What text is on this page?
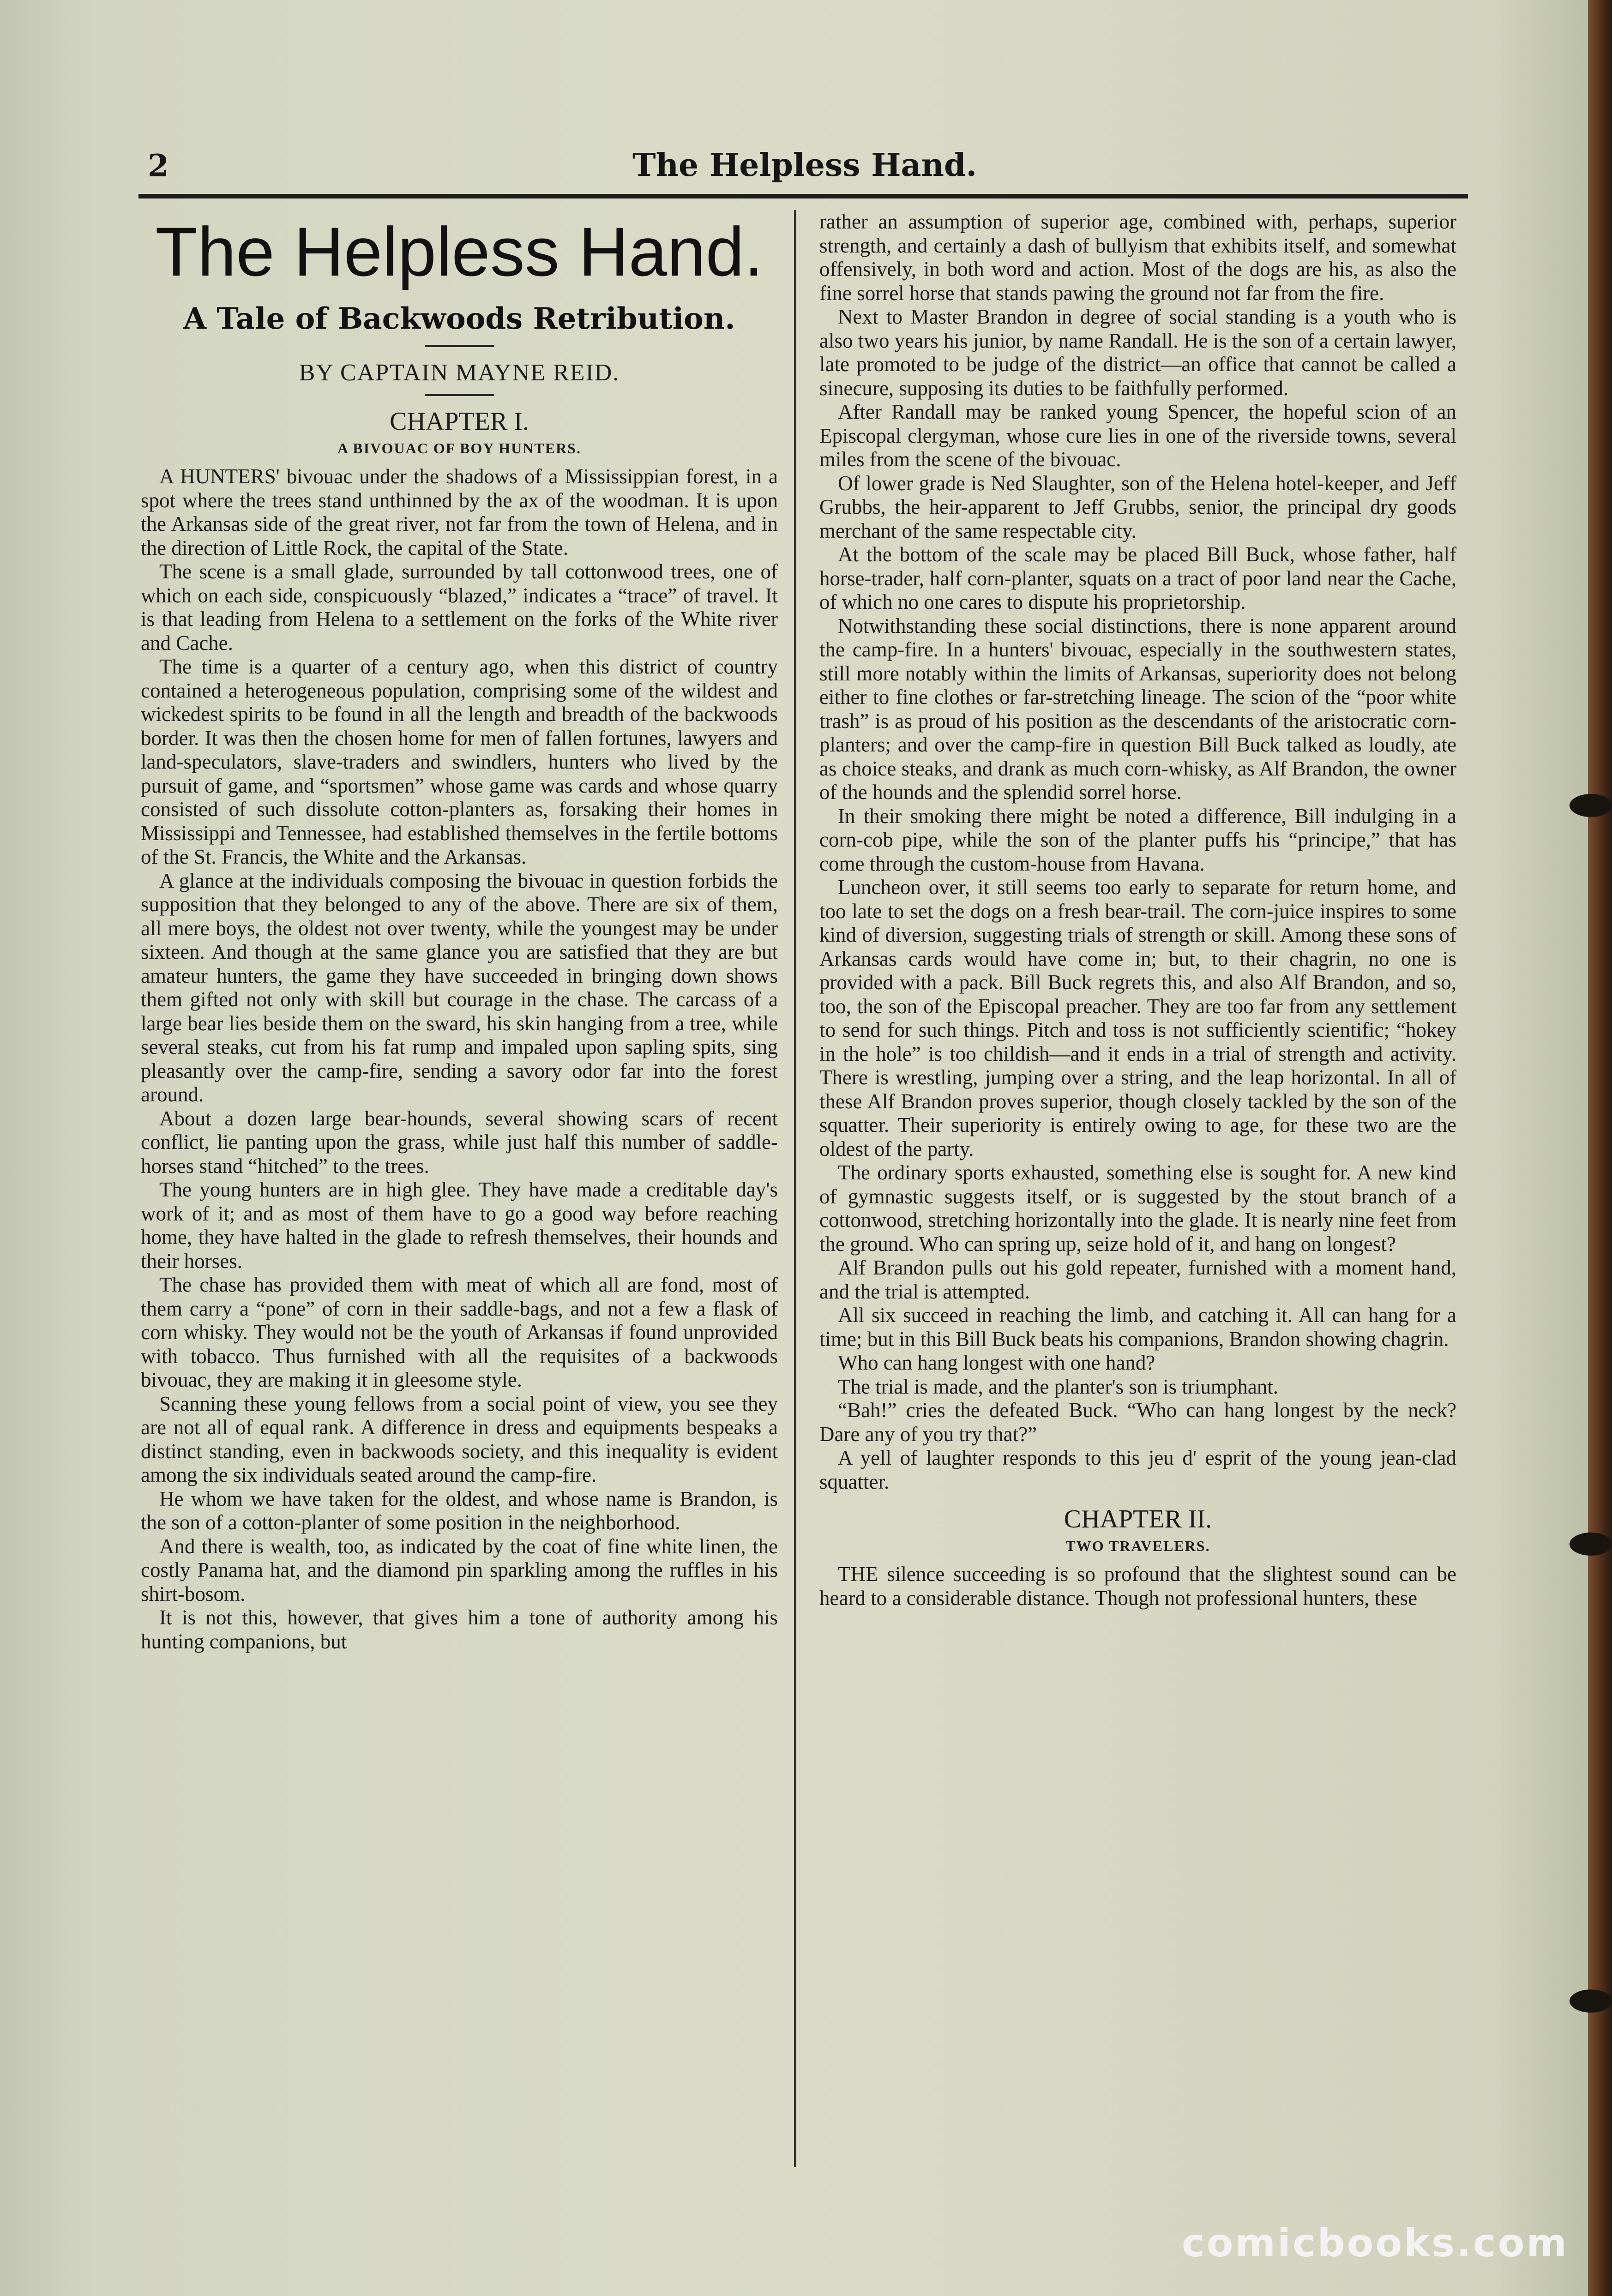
2	The Helpless Hand.
The Helpless Hand.
A Tale of Backwoods Retribution.
BY CAPTAIN MAYNE REID.
CHAPTER I.
A BIVOUAC OF BOY HUNTERS.

A HUNTERS' bivouac under the shadows of a Mississippian forest, in a spot where the trees stand unthinned by the ax of the woodman. It is upon the Arkansas side of the great river, not far from the town of Helena, and in the direction of Little Rock, the capital of the State.

The scene is a small glade, surrounded by tall cottonwood trees, one of which on each side, conspicuously “blazed,” indicates a “trace” of travel. It is that leading from Helena to a settlement on the forks of the White river and Cache.

The time is a quarter of a century ago, when this district of country contained a heterogeneous population, comprising some of the wildest and wickedest spirits to be found in all the length and breadth of the backwoods border. It was then the chosen home for men of fallen fortunes, lawyers and land-speculators, slave-traders and swindlers, hunters who lived by the pursuit of game, and “sportsmen” whose game was cards and whose quarry consisted of such dissolute cotton-planters as, forsaking their homes in Mississippi and Tennessee, had established themselves in the fertile bottoms of the St. Francis, the White and the Arkansas.

A glance at the individuals composing the bivouac in question forbids the supposition that they belonged to any of the above. There are six of them, all mere boys, the oldest not over twenty, while the youngest may be under sixteen. And though at the same glance you are satisfied that they are but amateur hunters, the game they have succeeded in bringing down shows them gifted not only with skill but courage in the chase. The carcass of a large bear lies beside them on the sward, his skin hanging from a tree, while several steaks, cut from his fat rump and impaled upon sapling spits, sing pleasantly over the camp-fire, sending a savory odor far into the forest around.

About a dozen large bear-hounds, several showing scars of recent conflict, lie panting upon the grass, while just half this number of saddle-horses stand “hitched” to the trees.

The young hunters are in high glee. They have made a creditable day's work of it; and as most of them have to go a good way before reaching home, they have halted in the glade to refresh themselves, their hounds and their horses.

The chase has provided them with meat of which all are fond, most of them carry a “pone” of corn in their saddle-bags, and not a few a flask of corn whisky. They would not be the youth of Arkansas if found unprovided with tobacco. Thus furnished with all the requisites of a backwoods bivouac, they are making it in gleesome style.

Scanning these young fellows from a social point of view, you see they are not all of equal rank. A difference in dress and equipments bespeaks a distinct standing, even in backwoods society, and this inequality is evident among the six individuals seated around the camp-fire.

He whom we have taken for the oldest, and whose name is Brandon, is the son of a cotton-planter of some position in the neighborhood.

And there is wealth, too, as indicated by the coat of fine white linen, the costly Panama hat, and the diamond pin sparkling among the ruffles in his shirt-bosom.

It is not this, however, that gives him a tone of authority among his hunting companions, but

rather an assumption of superior age, combined with, perhaps, superior strength, and certainly a dash of bullyism that exhibits itself, and somewhat offensively, in both word and action. Most of the dogs are his, as also the fine sorrel horse that stands pawing the ground not far from the fire.

Next to Master Brandon in degree of social standing is a youth who is also two years his junior, by name Randall. He is the son of a certain lawyer, late promoted to be judge of the district—an office that cannot be called a sinecure, supposing its duties to be faithfully performed.

After Randall may be ranked young Spencer, the hopeful scion of an Episcopal clergyman, whose cure lies in one of the riverside towns, several miles from the scene of the bivouac.

Of lower grade is Ned Slaughter, son of the Helena hotel-keeper, and Jeff Grubbs, the heir-apparent to Jeff Grubbs, senior, the principal dry goods merchant of the same respectable city.

At the bottom of the scale may be placed Bill Buck, whose father, half horse-trader, half corn-planter, squats on a tract of poor land near the Cache, of which no one cares to dispute his proprietorship.

Notwithstanding these social distinctions, there is none apparent around the camp-fire. In a hunters' bivouac, especially in the southwestern states, still more notably within the limits of Arkansas, superiority does not belong either to fine clothes or far-stretching lineage. The scion of the “poor white trash” is as proud of his position as the descendants of the aristocratic corn-planters; and over the camp-fire in question Bill Buck talked as loudly, ate as choice steaks, and drank as much corn-whisky, as Alf Brandon, the owner of the hounds and the splendid sorrel horse.

In their smoking there might be noted a difference, Bill indulging in a corn-cob pipe, while the son of the planter puffs his “principe,” that has come through the custom-house from Havana.

Luncheon over, it still seems too early to separate for return home, and too late to set the dogs on a fresh bear-trail. The corn-juice inspires to some kind of diversion, suggesting trials of strength or skill. Among these sons of Arkansas cards would have come in; but, to their chagrin, no one is provided with a pack. Bill Buck regrets this, and also Alf Brandon, and so, too, the son of the Episcopal preacher. They are too far from any settlement to send for such things. Pitch and toss is not sufficiently scientific; “hokey in the hole” is too childish—and it ends in a trial of strength and activity. There is wrestling, jumping over a string, and the leap horizontal. In all of these Alf Brandon proves superior, though closely tackled by the son of the squatter. Their superiority is entirely owing to age, for these two are the oldest of the party.

The ordinary sports exhausted, something else is sought for. A new kind of gymnastic suggests itself, or is suggested by the stout branch of a cottonwood, stretching horizontally into the glade. It is nearly nine feet from the ground. Who can spring up, seize hold of it, and hang on longest?

Alf Brandon pulls out his gold repeater, furnished with a moment hand, and the trial is attempted.

All six succeed in reaching the limb, and catching it. All can hang for a time; but in this Bill Buck beats his companions, Brandon showing chagrin.

Who can hang longest with one hand?

The trial is made, and the planter's son is triumphant.

“Bah!” cries the defeated Buck. “Who can hang longest by the neck? Dare any of you try that?”

A yell of laughter responds to this jeu d' esprit of the young jean-clad squatter.

CHAPTER II.
TWO TRAVELERS.

THE silence succeeding is so profound that the slightest sound can be heard to a considerable distance. Though not professional hunters, these

comicbooks.com
